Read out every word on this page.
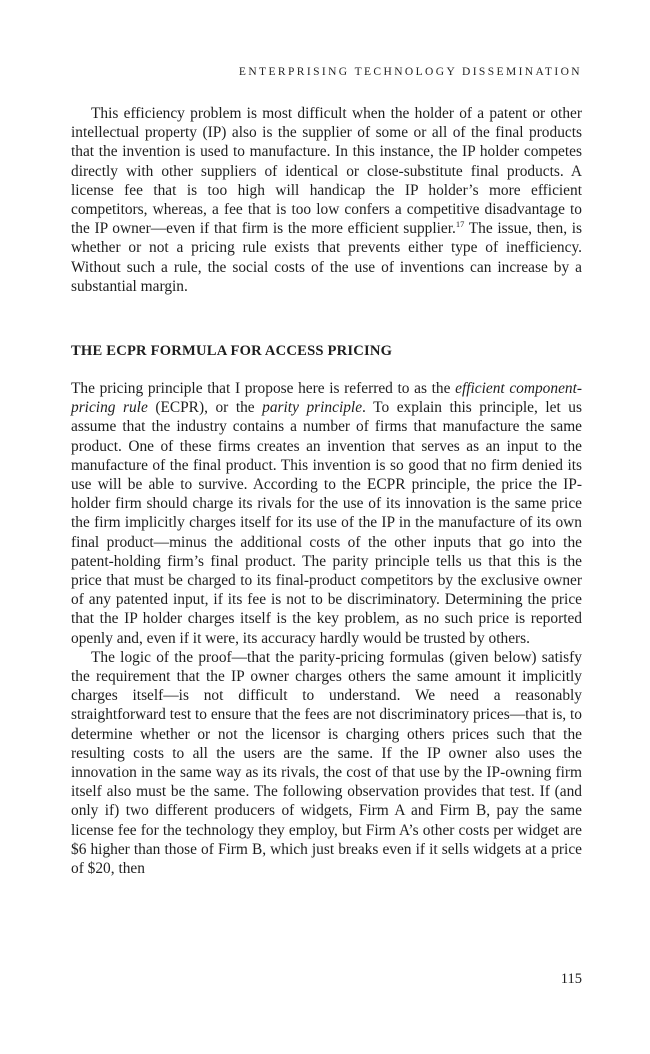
ENTERPRISING TECHNOLOGY DISSEMINATION

This efficiency problem is most difficult when the holder of a patent or other intellectual property (IP) also is the supplier of some or all of the final products that the invention is used to manufacture. In this instance, the IP holder competes directly with other suppliers of identical or close-substitute final products. A license fee that is too high will handicap the IP holder’s more efficient competitors, whereas, a fee that is too low confers a competitive disadvantage to the IP owner—even if that firm is the more efficient supplier.$^{17}$ The issue, then, is whether or not a pricing rule exists that prevents either type of inefficiency. Without such a rule, the social costs of the use of inventions can increase by a substantial margin.

THE ECPR FORMULA FOR ACCESS PRICING

The pricing principle that I propose here is referred to as the efficient component-pricing rule (ECPR), or the parity principle. To explain this principle, let us assume that the industry contains a number of firms that manufacture the same product. One of these firms creates an invention that serves as an input to the manufacture of the final product. This invention is so good that no firm denied its use will be able to survive. According to the ECPR principle, the price the IP-holder firm should charge its rivals for the use of its innovation is the same price the firm implicitly charges itself for its use of the IP in the manufacture of its own final product—minus the additional costs of the other inputs that go into the patent-holding firm’s final product. The parity principle tells us that this is the price that must be charged to its final-product competitors by the exclusive owner of any patented input, if its fee is not to be discriminatory. Determining the price that the IP holder charges itself is the key problem, as no such price is reported openly and, even if it were, its accuracy hardly would be trusted by others.

The logic of the proof—that the parity-pricing formulas (given below) satisfy the requirement that the IP owner charges others the same amount it implicitly charges itself—is not difficult to understand. We need a reasonably straightforward test to ensure that the fees are not discriminatory prices—that is, to determine whether or not the licensor is charging others prices such that the resulting costs to all the users are the same. If the IP owner also uses the innovation in the same way as its rivals, the cost of that use by the IP-owning firm itself also must be the same. The following observation provides that test. If (and only if) two different producers of widgets, Firm A and Firm B, pay the same license fee for the technology they employ, but Firm A’s other costs per widget are $6 higher than those of Firm B, which just breaks even if it sells widgets at a price of $20, then

115
